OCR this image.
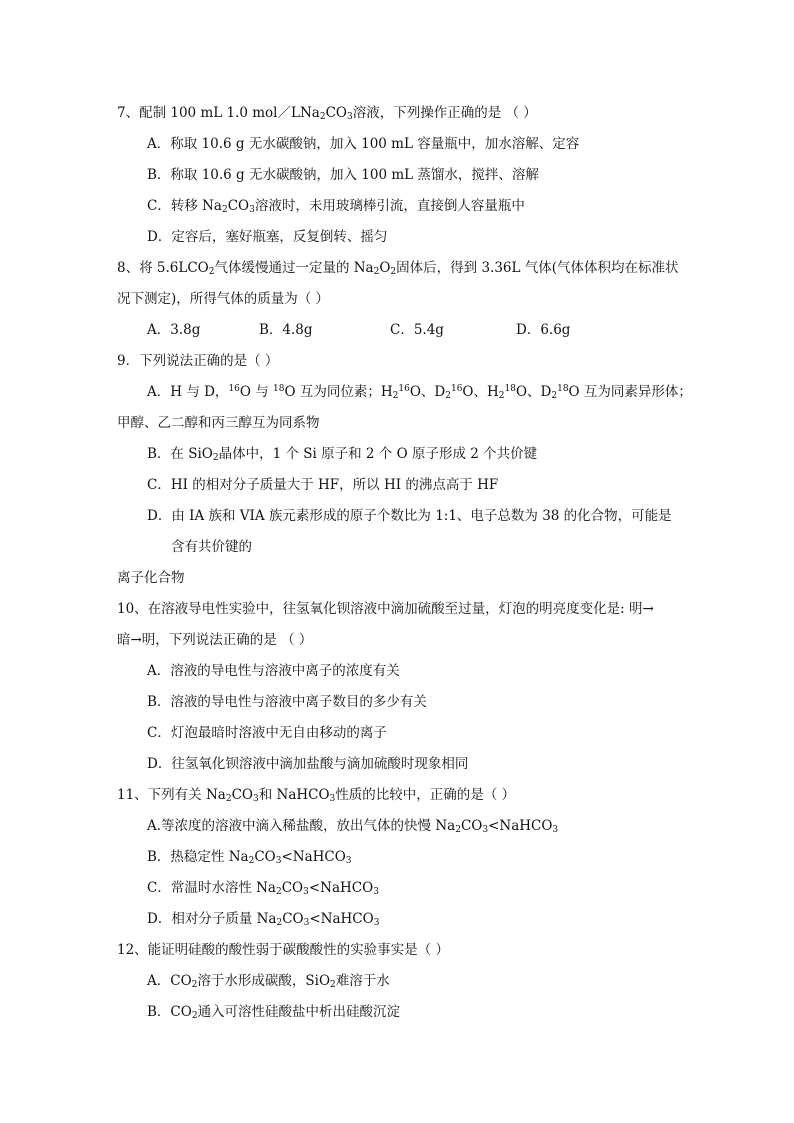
7、配制 100 mL 1.0 $mol/LNa_2CO_3$溶液，下列操作正确的是 （ ）
A．称取 10.6 g 无水碳酸钠，加入 100 mL 容量瓶中，加水溶解、定容
B．称取 10.6 g 无水碳酸钠，加入 100 mL 蒸馏水，搅拌、溶解
C．转移 $Na_2CO_3$溶液时，未用玻璃棒引流，直接倒人容量瓶中
D．定容后，塞好瓶塞，反复倒转、摇匀
8、将 $5.6LCO_2$气体缓慢通过一定量的 $Na_2O_2$固体后，得到 3.36L 气体(气体体积均在标准状
况下测定)，所得气体的质量为（ ）
A．3.8g	B．4.8g	C．5.4g	D．6.6g
9．下列说法正确的是（ ）
A．H 与 D，$^{16}$O 与 $^{18}$O 互为同位素；$H_2^{16}O$、$D_2^{16}O$、$H_2^{18}O$、$D_2^{18}O$ 互为同素异形体；
甲醇、乙二醇和丙三醇互为同系物
B．在 SiO$_2$晶体中，1 个 Si 原子和 2 个 O 原子形成 2 个共价键
C．HI 的相对分子质量大于 HF，所以 HI 的沸点高于 HF
D．由 IA 族和 VIA 族元素形成的原子个数比为 1:1、电子总数为 38 的化合物，可能是
含有共价键的
离子化合物
10、在溶液导电性实验中，往氢氧化钡溶液中滴加硫酸至过量，灯泡的明亮度变化是: 明→
暗→明，下列说法正确的是 （ ）
A．溶液的导电性与溶液中离子的浓度有关
B．溶液的导电性与溶液中离子数目的多少有关
C．灯泡最暗时溶液中无自由移动的离子
D．往氢氧化钡溶液中滴加盐酸与滴加硫酸时现象相同
11、下列有关 $Na_2CO_3$和 NaHCO$_3$性质的比较中，正确的是（ ）
A.等浓度的溶液中滴入稀盐酸，放出气体的快慢 $Na_2CO_3<NaHCO_3$
B．热稳定性 $Na_2CO_3<NaHCO_3$
C．常温时水溶性 $Na_2CO_3<NaHCO_3$
D．相对分子质量 $Na_2CO_3<NaHCO_3$
12、能证明硅酸的酸性弱于碳酸酸性的实验事实是（ ）
A．$CO_2$溶于水形成碳酸，SiO$_2$难溶于水
B．$CO_2$通入可溶性硅酸盐中析出硅酸沉淀
